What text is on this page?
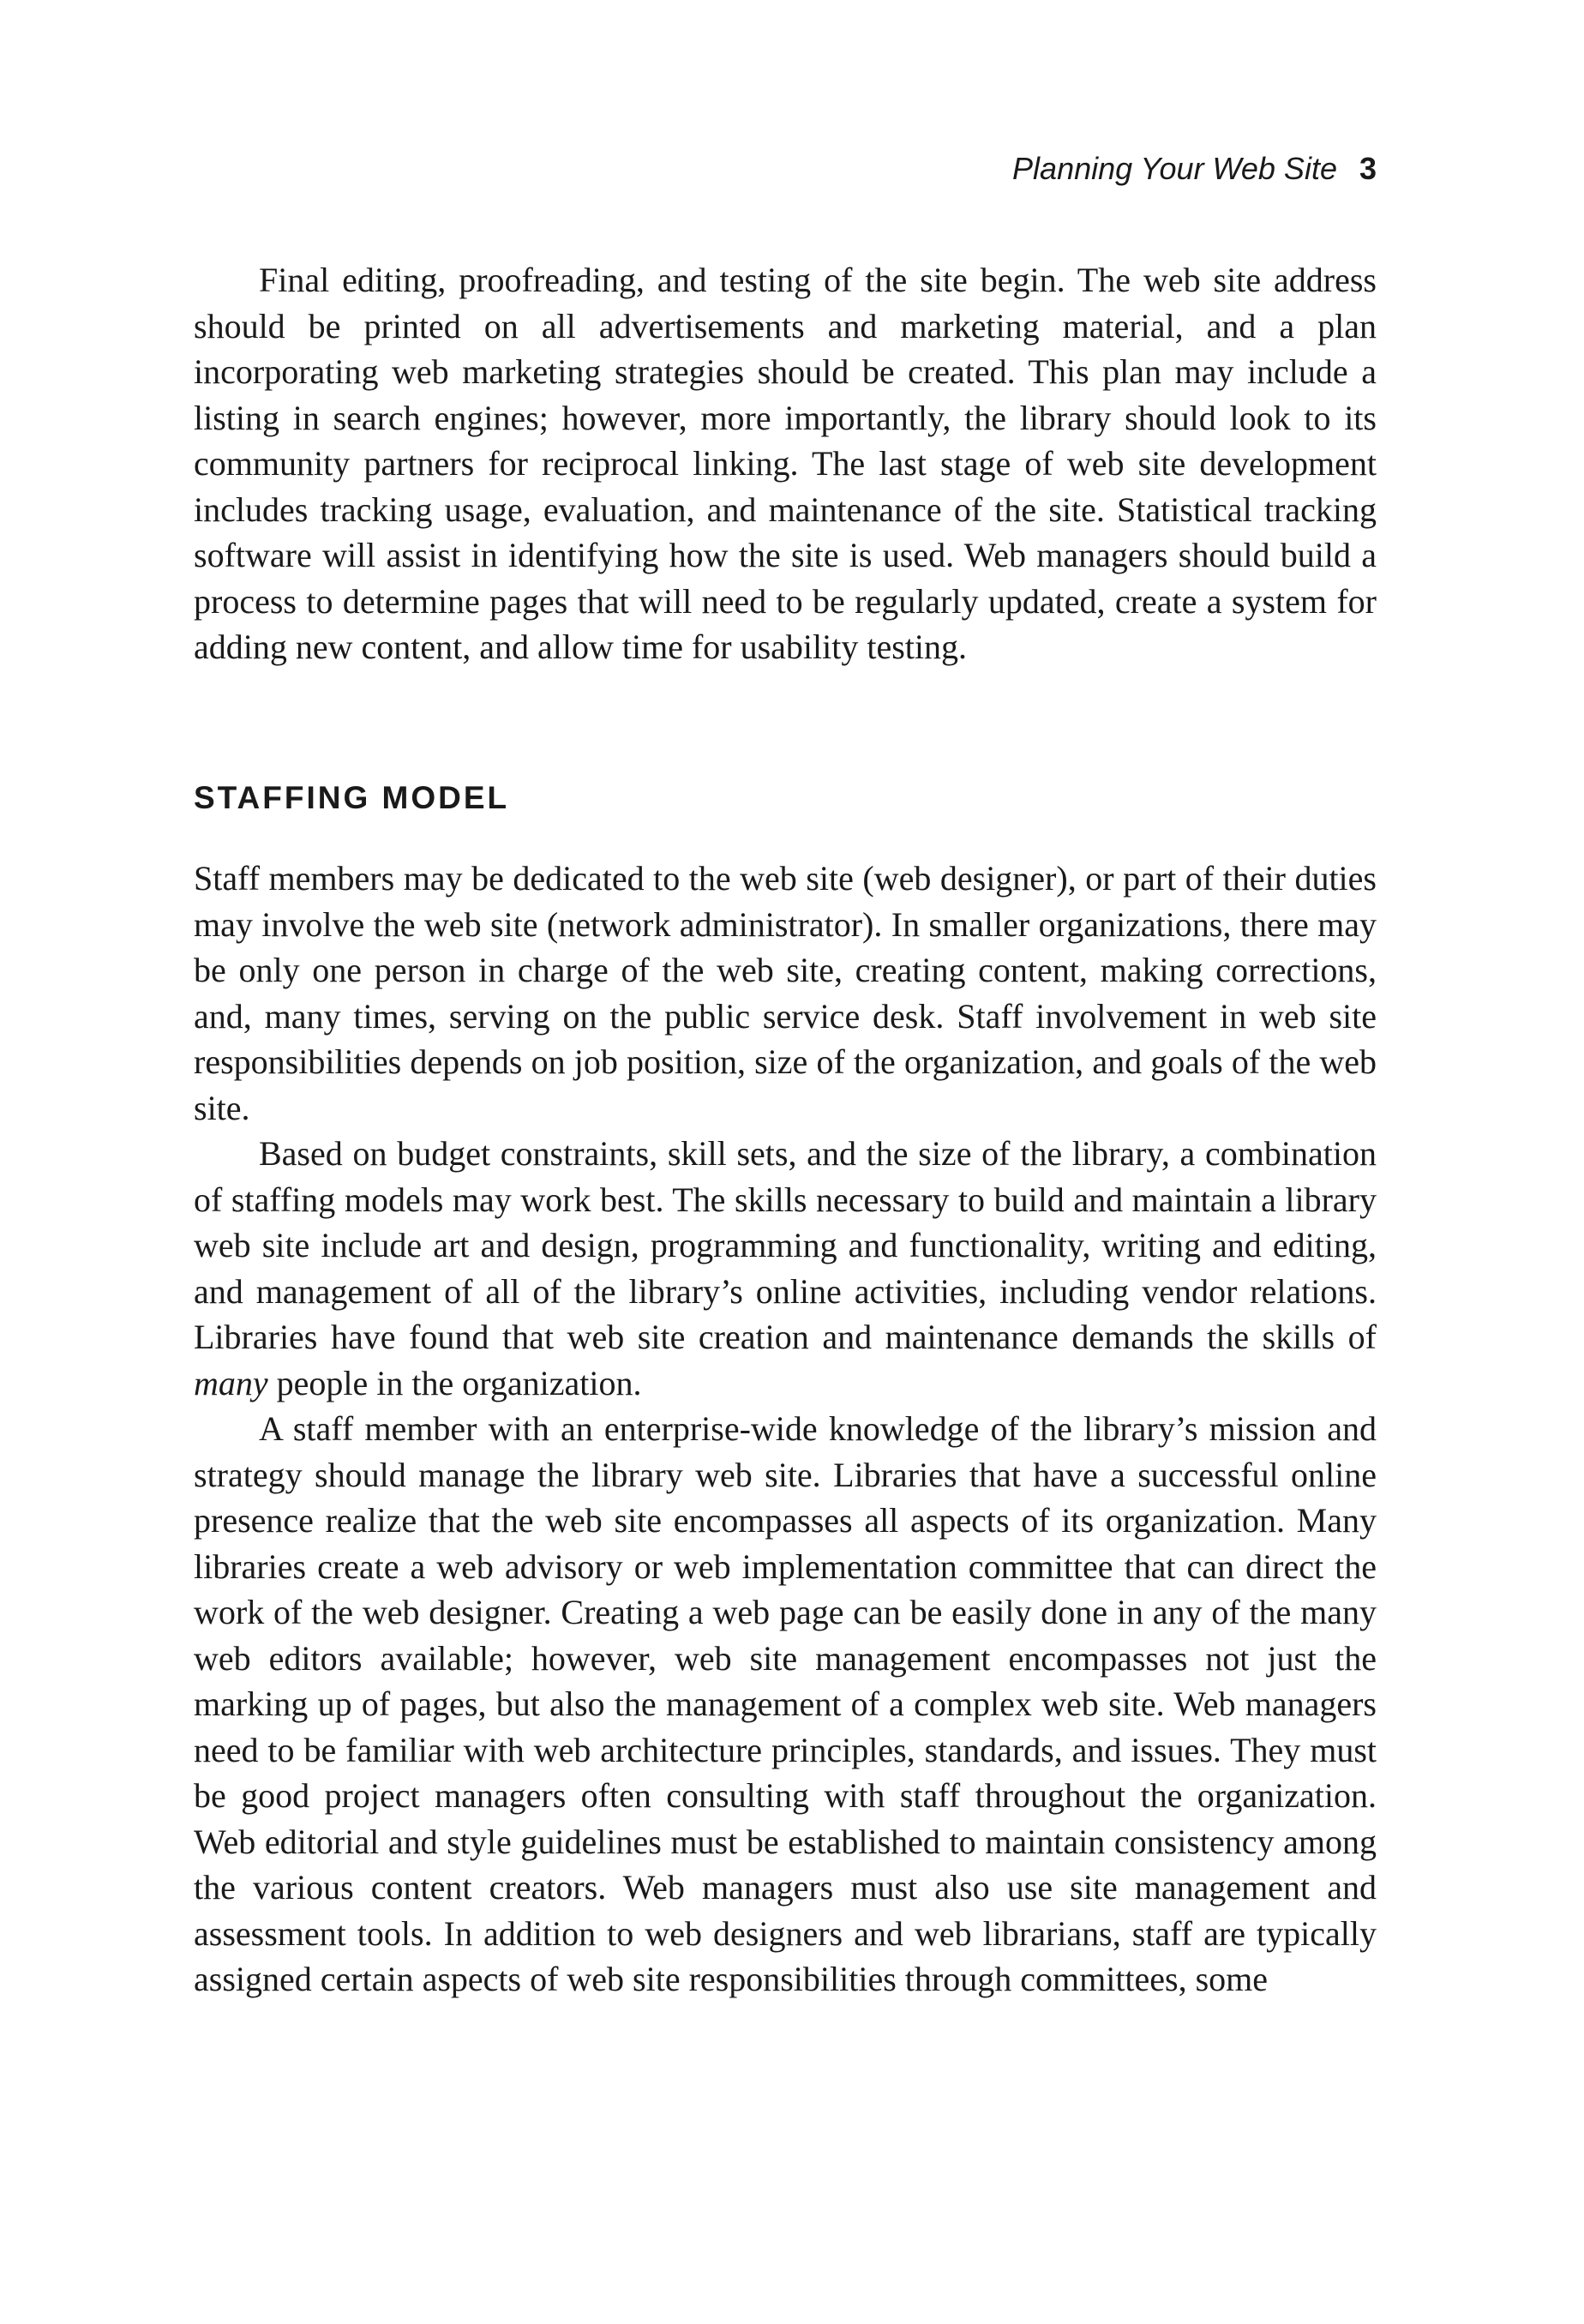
Planning Your Web Site 3

Final editing, proofreading, and testing of the site begin. The web site address should be printed on all advertisements and marketing material, and a plan incorporating web marketing strategies should be created. This plan may include a listing in search engines; however, more importantly, the library should look to its community partners for reciprocal linking. The last stage of web site development includes tracking usage, evaluation, and maintenance of the site. Statistical tracking software will assist in identifying how the site is used. Web managers should build a process to determine pages that will need to be regularly updated, create a system for adding new content, and allow time for usability testing.

STAFFING MODEL

Staff members may be dedicated to the web site (web designer), or part of their duties may involve the web site (network administrator). In smaller organizations, there may be only one person in charge of the web site, creating content, making corrections, and, many times, serving on the public service desk. Staff involvement in web site responsibilities depends on job position, size of the organization, and goals of the web site.

Based on budget constraints, skill sets, and the size of the library, a combination of staffing models may work best. The skills necessary to build and maintain a library web site include art and design, programming and functionality, writing and editing, and management of all of the library’s online activities, including vendor relations. Libraries have found that web site creation and maintenance demands the skills of many people in the organization.

A staff member with an enterprise-wide knowledge of the library’s mission and strategy should manage the library web site. Libraries that have a successful online presence realize that the web site encompasses all aspects of its organization. Many libraries create a web advisory or web implementation committee that can direct the work of the web designer. Creating a web page can be easily done in any of the many web editors available; however, web site management encompasses not just the marking up of pages, but also the management of a complex web site. Web managers need to be familiar with web architecture principles, standards, and issues. They must be good project managers often consulting with staff throughout the organization. Web editorial and style guidelines must be established to maintain consistency among the various content creators. Web managers must also use site management and assessment tools. In addition to web designers and web librarians, staff are typically assigned certain aspects of web site responsibilities through committees, some
